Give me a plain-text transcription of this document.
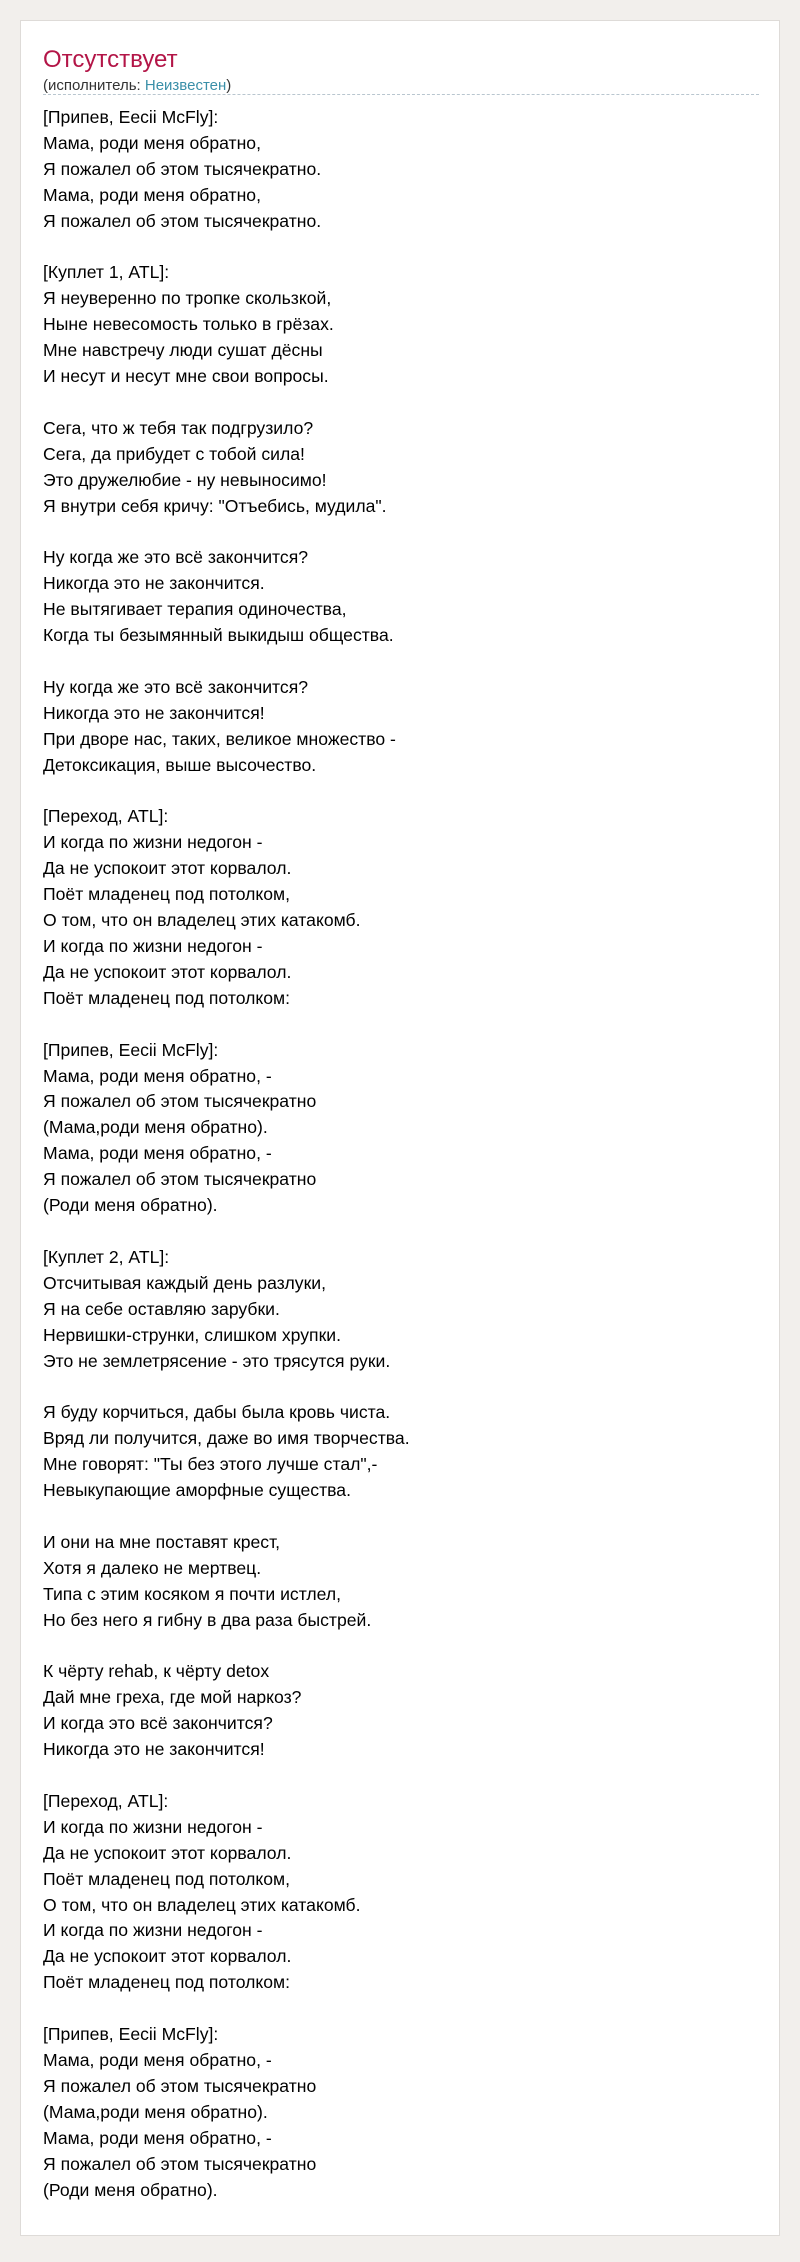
Отсутствует
(исполнитель: Неизвестен)
[Припев, Eecii McFly]:
Мама, роди меня обратно,
Я пожалел об этом тысячекратно.
Мама, роди меня обратно,
Я пожалел об этом тысячекратно.
[Куплет 1, ATL]:
Я неуверенно по тропке скользкой,
Ныне невесомость только в грёзах.
Мне навстречу люди сушат дёсны
И несут и несут мне свои вопросы.
Сега, что ж тебя так подгрузило?
Сега, да прибудет с тобой сила!
Это дружелюбие - ну невыносимо!
Я внутри себя кричу: "Отъебись, мудила".
Ну когда же это всё закончится?
Никогда это не закончится.
Не вытягивает терапия одиночества,
Когда ты безымянный выкидыш общества.
Ну когда же это всё закончится?
Никогда это не закончится!
При дворе нас, таких, великое множество -
Детоксикация, выше высочество.
[Переход, ATL]:
И когда по жизни недогон -
Да не успокоит этот корвалол.
Поёт младенец под потолком,
О том, что он владелец этих катакомб.
И когда по жизни недогон -
Да не успокоит этот корвалол.
Поёт младенец под потолком:
[Припев, Eecii McFly]:
Мама, роди меня обратно, -
Я пожалел об этом тысячекратно
(Мама,роди меня обратно).
Мама, роди меня обратно, -
Я пожалел об этом тысячекратно
(Роди меня обратно).
[Куплет 2, ATL]:
Отсчитывая каждый день разлуки,
Я на себе оставляю зарубки.
Нервишки-струнки, слишком хрупки.
Это не землетрясение - это трясутся руки.
Я буду корчиться, дабы была кровь чиста.
Вряд ли получится, даже во имя творчества.
Мне говорят: "Ты без этого лучше стал",-
Невыкупающие аморфные существа.
И они на мне поставят крест,
Хотя я далеко не мертвец.
Типа с этим косяком я почти истлел,
Но без него я гибну в два раза быстрей.
К чёрту rehab, к чёрту detox
Дай мне греха, где мой наркоз?
И когда это всё закончится?
Никогда это не закончится!
[Переход, ATL]:
И когда по жизни недогон -
Да не успокоит этот корвалол.
Поёт младенец под потолком,
О том, что он владелец этих катакомб.
И когда по жизни недогон -
Да не успокоит этот корвалол.
Поёт младенец под потолком:
[Припев, Eecii McFly]:
Мама, роди меня обратно, -
Я пожалел об этом тысячекратно
(Мама,роди меня обратно).
Мама, роди меня обратно, -
Я пожалел об этом тысячекратно
(Роди меня обратно).
